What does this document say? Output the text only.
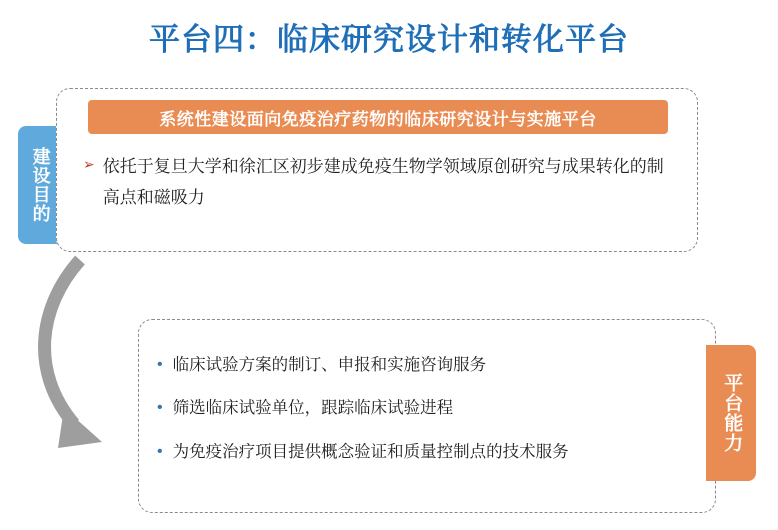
平台四：临床研究设计和转化平台
建设目的
系统性建设面向免疫治疗药物的临床研究设计与实施平台
➢ 依托于复旦大学和徐汇区初步建成免疫生物学领域原创研究与成果转化的制高点和磁吸力
• 临床试验方案的制订、申报和实施咨询服务
• 筛选临床试验单位，跟踪临床试验进程
• 为免疫治疗项目提供概念验证和质量控制点的技术服务	平台能力
